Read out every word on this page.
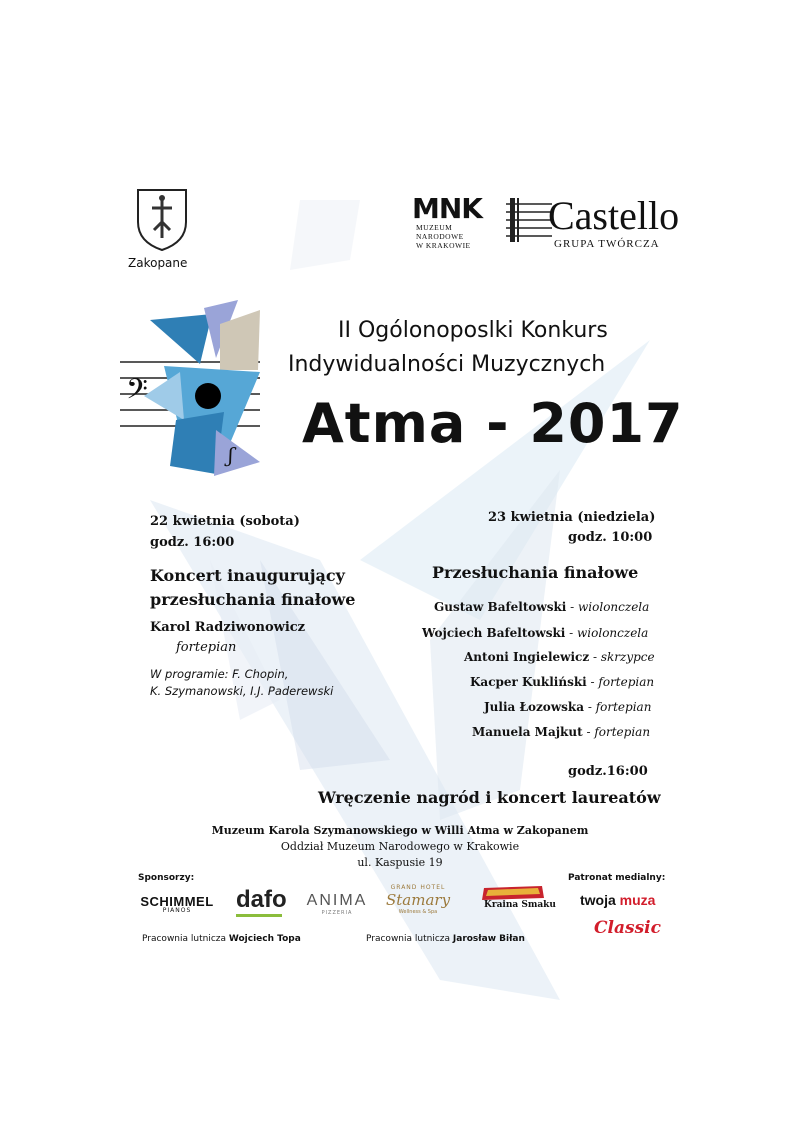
Zakopane
MNK
MUZEUM
NARODOWE
W KRAKOWIE
Castello
GRUPA TWÓRCZA
𝄢
ʃ
II Ogólonoposlki Konkurs
Indywidualności Muzycznych
Atma - 2017
22 kwietnia (sobota)
godz. 16:00
Koncert inaugurujący
przesłuchania finałowe
Karol Radziwonowicz
fortepian
W programie: F. Chopin,
K. Szymanowski, I.J. Paderewski
23 kwietnia (niedziela)
godz. 10:00
Przesłuchania finałowe
Gustaw Bafeltowski - wiolonczela
Wojciech Bafeltowski - wiolonczela
Antoni Ingielewicz - skrzypce
Kacper Kukliński - fortepian
Julia Łozowska - fortepian
Manuela Majkut - fortepian
godz.16:00
Wręczenie nagród i koncert laureatów
Muzeum Karola Szymanowskiego w Willi Atma w Zakopanem
Oddział Muzeum Narodowego w Krakowie
ul. Kaspusie 19
Sponsorzy:	Patronat medialny:
SCHIMMEL
PIANOS	dafo ANIMA
PIZZERIA
GRAND HOTEL
Stamary
Wellness & Spa
Kraina Smaku twoja muza
Classic
Pracownia lutnicza Wojciech Topa	Pracownia lutnicza Jarosław Biłan
